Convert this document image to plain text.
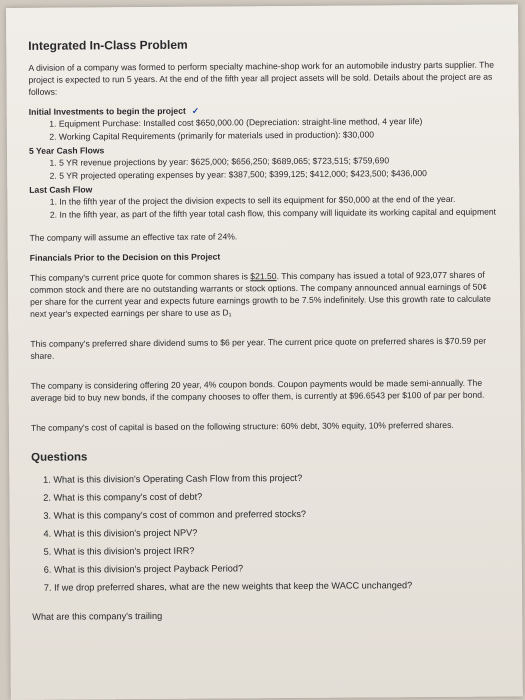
Integrated In-Class Problem

A division of a company was formed to perform specialty machine-shop work for an automobile industry parts supplier. The project is expected to run 5 years. At the end of the fifth year all project assets will be sold. Details about the project are as follows:

Initial Investments to begin the project ✓
1. Equipment Purchase: Installed cost $650,000.00 (Depreciation: straight-line method, 4 year life)
2. Working Capital Requirements (primarily for materials used in production): $30,000
5 Year Cash Flows
1. 5 YR revenue projections by year: $625,000; $656,250; $689,065; $723,515; $759,690
2. 5 YR projected operating expenses by year: $387,500; $399,125; $412,000; $423,500; $436,000
Last Cash Flow
1. In the fifth year of the project the division expects to sell its equipment for $50,000 at the end of the year.
2. In the fifth year, as part of the fifth year total cash flow, this company will liquidate its working capital and equipment

The company will assume an effective tax rate of 24%.

Financials Prior to the Decision on this Project

This company's current price quote for common shares is $21.50. This company has issued a total of 923,077 shares of common stock and there are no outstanding warrants or stock options. The company announced annual earnings of 50¢ per share for the current year and expects future earnings growth to be 7.5% indefinitely. Use this growth rate to calculate next year's expected earnings per share to use as D₁

This company's preferred share dividend sums to $6 per year. The current price quote on preferred shares is $70.59 per share.

The company is considering offering 20 year, 4% coupon bonds. Coupon payments would be made semi-annually. The average bid to buy new bonds, if the company chooses to offer them, is currently at $96.6543 per $100 of par per bond.

The company's cost of capital is based on the following structure: 60% debt, 30% equity, 10% preferred shares.

Questions
1. What is this division's Operating Cash Flow from this project?
2. What is this company's cost of debt?
3. What is this company's cost of common and preferred stocks?
4. What is this division's project NPV?
5. What is this division's project IRR?
6. What is this division's project Payback Period?
7. If we drop preferred shares, what are the new weights that keep the WACC unchanged?
What are this company's trailing
